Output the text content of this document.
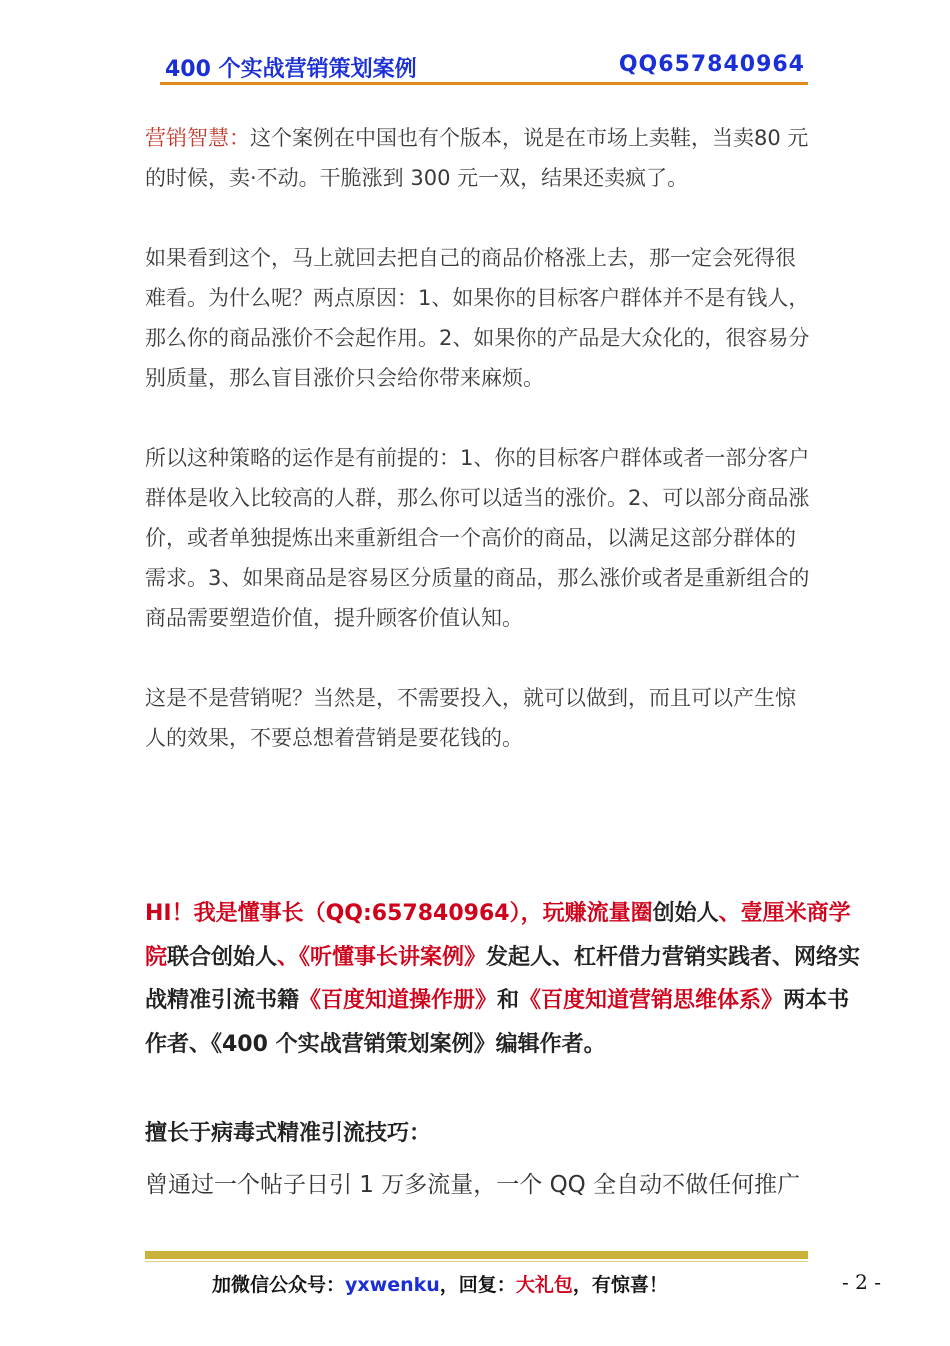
400 个实战营销策划案例	QQ657840964

营销智慧：这个案例在中国也有个版本，说是在市场上卖鞋，当卖80 元的时候，卖·不动。干脆涨到 300 元一双，结果还卖疯了。

如果看到这个，马上就回去把自己的商品价格涨上去，那一定会死得很难看。为什么呢？两点原因：1、如果你的目标客户群体并不是有钱人，那么你的商品涨价不会起作用。2、如果你的产品是大众化的，很容易分别质量，那么盲目涨价只会给你带来麻烦。

所以这种策略的运作是有前提的：1、你的目标客户群体或者一部分客户群体是收入比较高的人群，那么你可以适当的涨价。2、可以部分商品涨价，或者单独提炼出来重新组合一个高价的商品，以满足这部分群体的需求。3、如果商品是容易区分质量的商品，那么涨价或者是重新组合的商品需要塑造价值，提升顾客价值认知。

这是不是营销呢？当然是，不需要投入，就可以做到，而且可以产生惊人的效果，不要总想着营销是要花钱的。

HI！我是懂事长（QQ:657840964），玩赚流量圈创始人、壹厘米商学院联合创始人、《听懂事长讲案例》发起人、杠杆借力营销实践者、网络实战精准引流书籍《百度知道操作册》和《百度知道营销思维体系》两本书作者、《400 个实战营销策划案例》编辑作者。

擅长于病毒式精准引流技巧：
曾通过一个帖子日引 1 万多流量，一个 QQ 全自动不做任何推广
加微信公众号：yxwenku，回复：大礼包，有惊喜！	- 2 -
